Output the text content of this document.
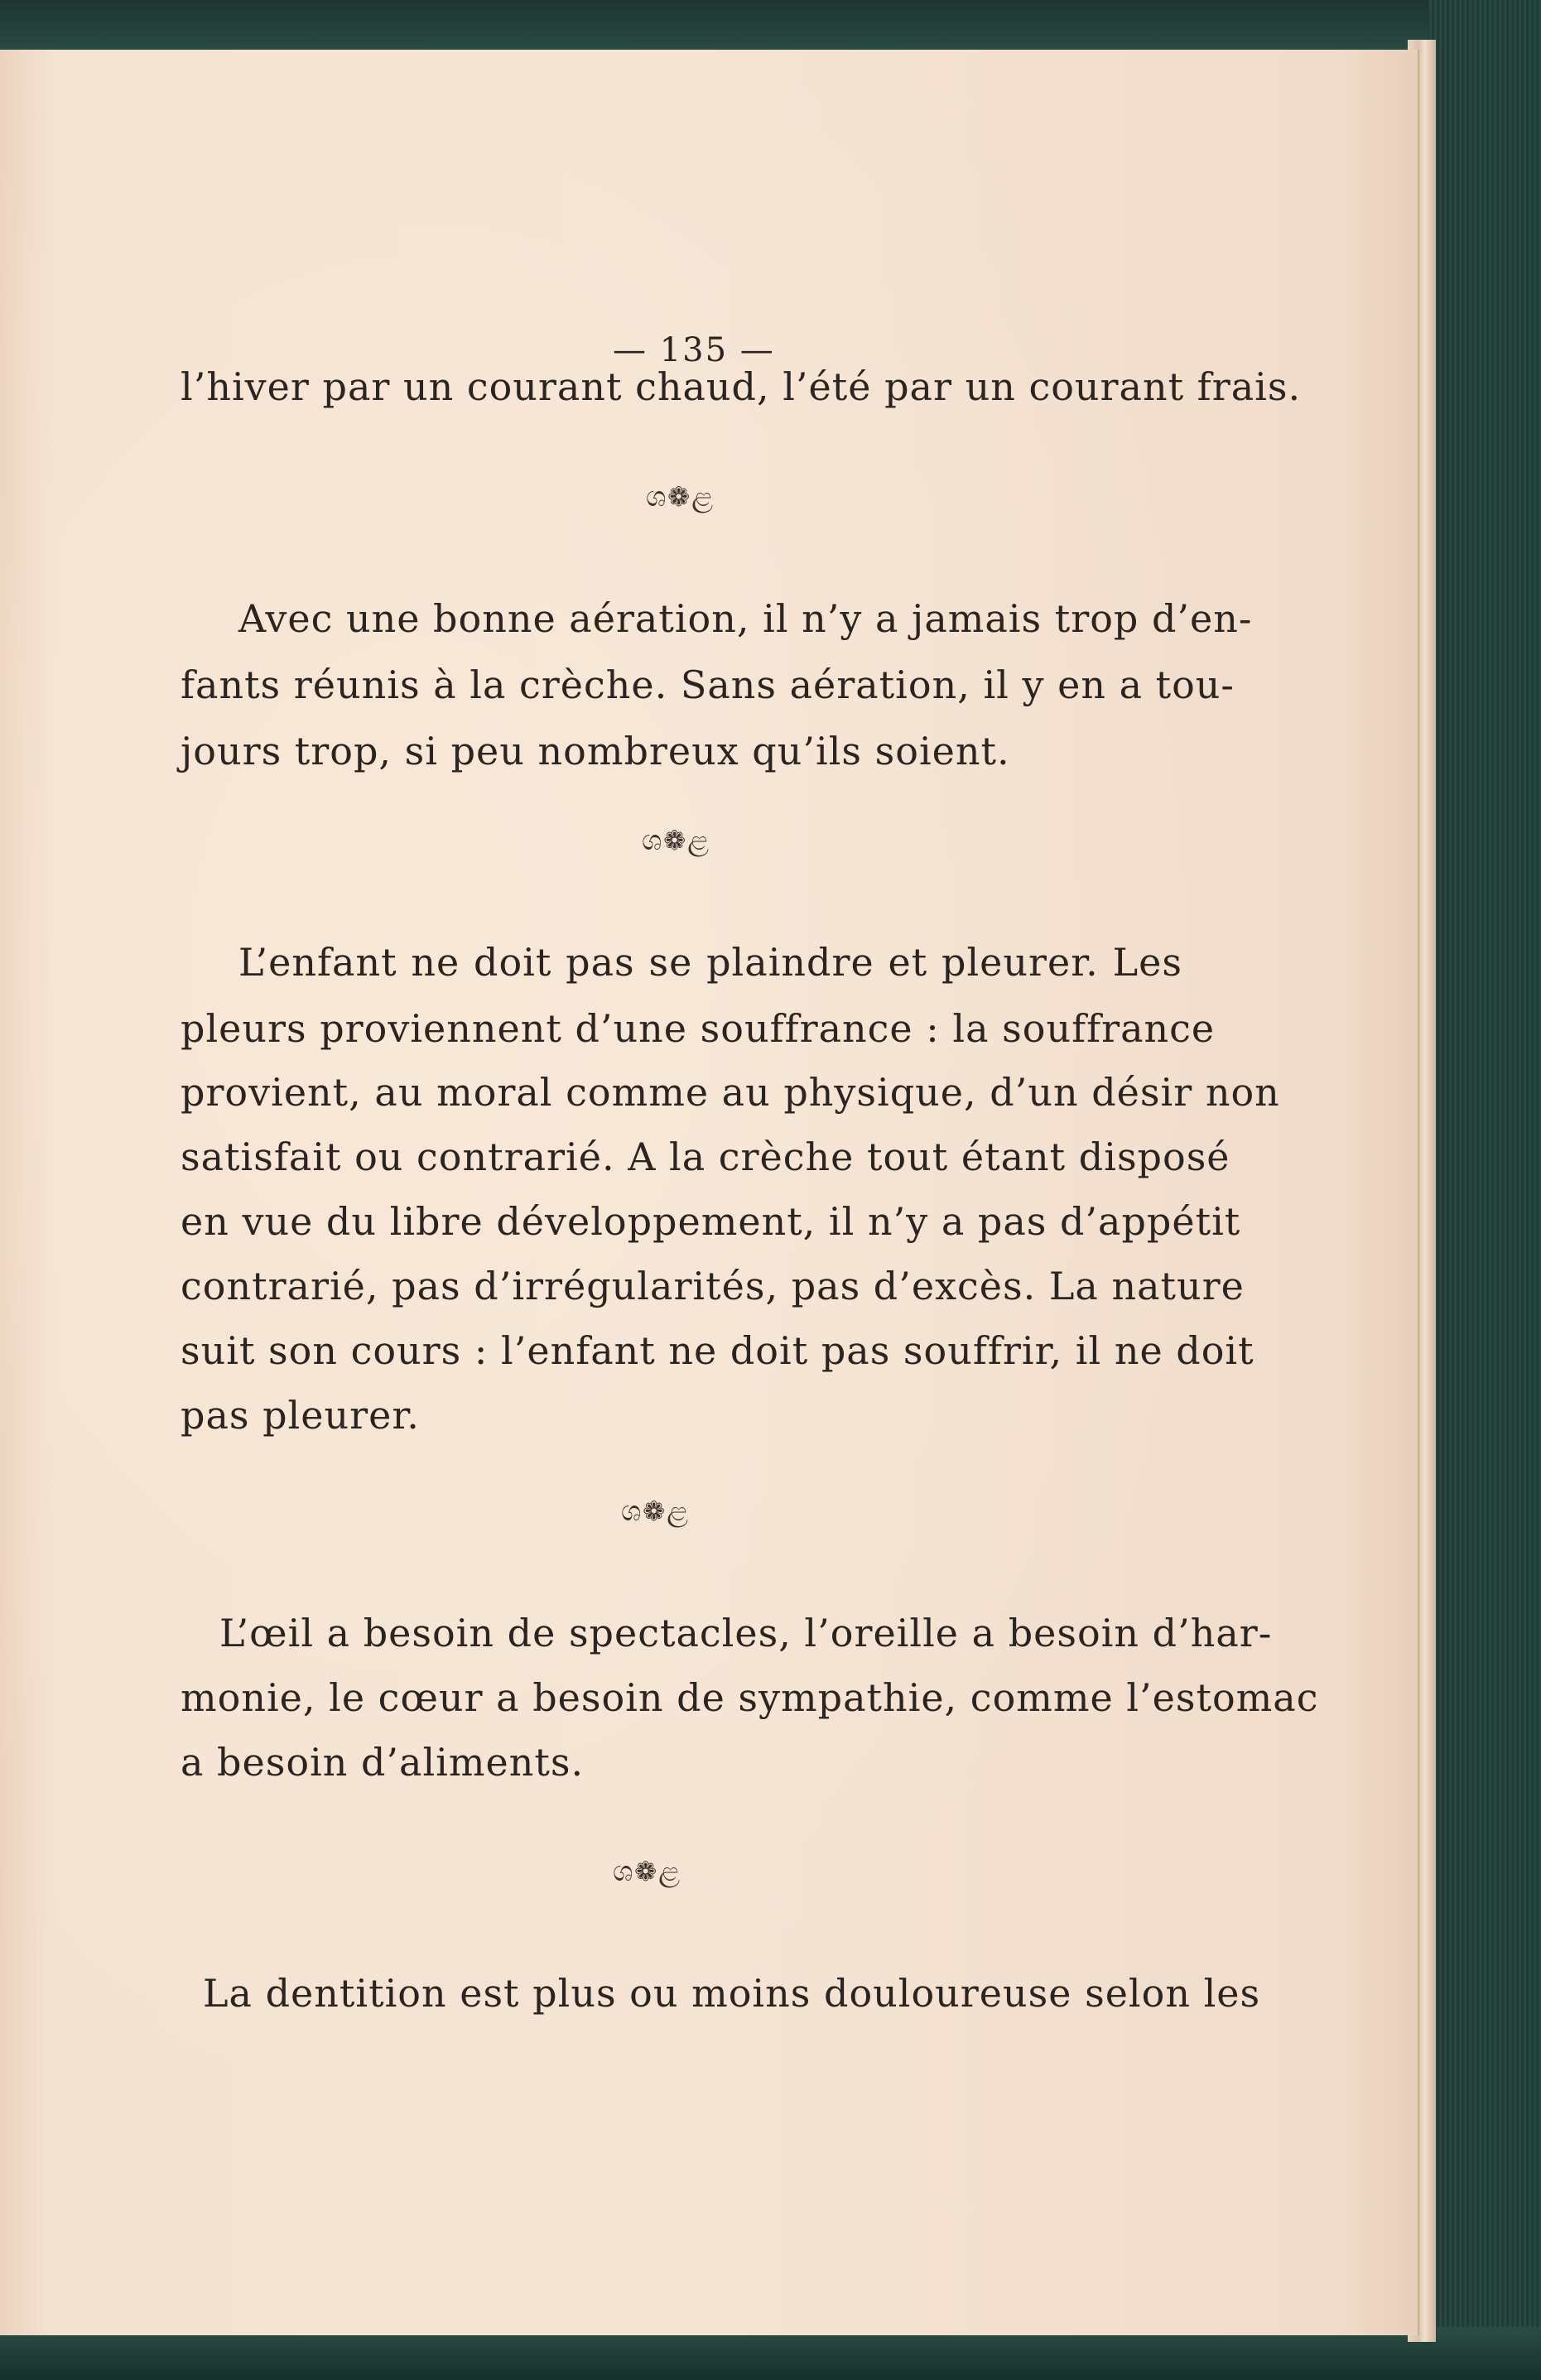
— 135 —

l’hiver par un courant chaud, l’été par un courant frais.

ශ❁ළ

Avec une bonne aération, il n’y a jamais trop d’en-

fants réunis à la crèche. Sans aération, il y en a tou-

jours trop, si peu nombreux qu’ils soient.

ශ❁ළ

L’enfant ne doit pas se plaindre et pleurer. Les

pleurs proviennent d’une souffrance : la souffrance

provient, au moral comme au physique, d’un désir non

satisfait ou contrarié. A la crèche tout étant disposé

en vue du libre développement, il n’y a pas d’appétit

contrarié, pas d’irrégularités, pas d’excès. La nature

suit son cours : l’enfant ne doit pas souffrir, il ne doit

pas pleurer.

ශ❁ළ

L’œil a besoin de spectacles, l’oreille a besoin d’har-

monie, le cœur a besoin de sympathie, comme l’estomac

a besoin d’aliments.

ශ❁ළ

La dentition est plus ou moins douloureuse selon les
